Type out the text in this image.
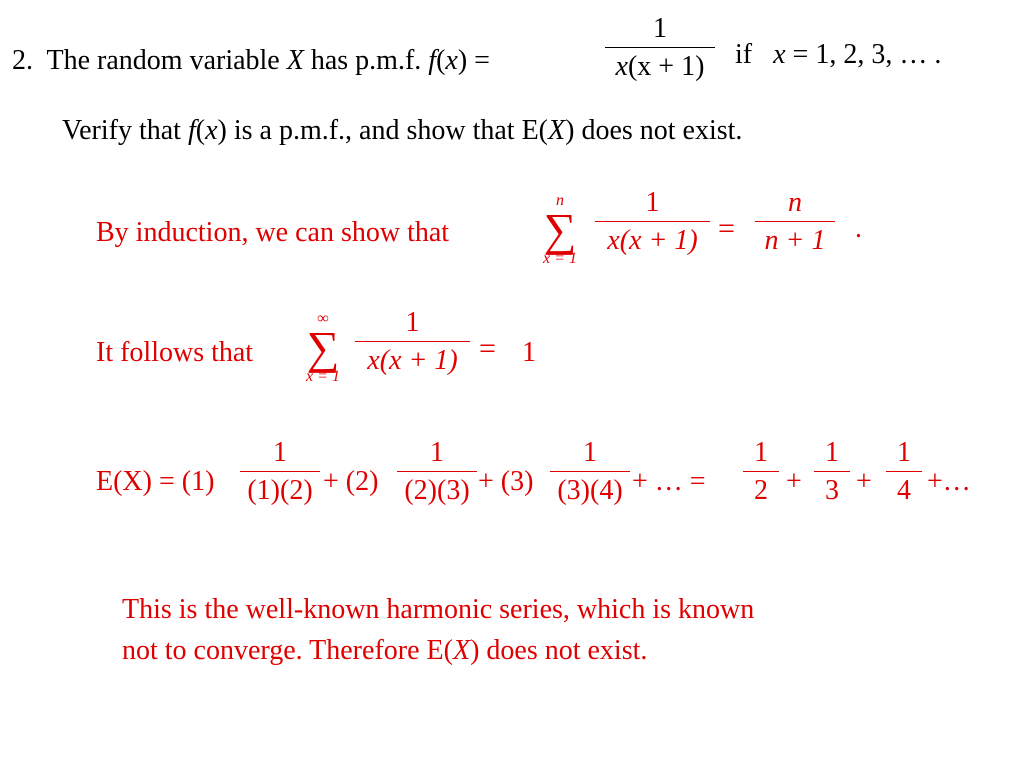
2. The random variable X has p.m.f. f(x) =
1
x(x + 1)	if x = 1, 2, 3, … .
Verify that f(x) is a p.m.f., and show that E(X) does not exist.
By induction, we can show that
n
∑
x = 1
1
x(x + 1) =
n
n + 1	.
It follows that
∞
∑
x = 1
1
x(x + 1) = 1
E(X) = (1)
1
(1)(2) + (2)
1
(2)(3) + (3)
1
(3)(4) + … =
1
2 +
1
3 +
1
4 +…
This is the well-known harmonic series, which is known
not to converge. Therefore E(X) does not exist.
